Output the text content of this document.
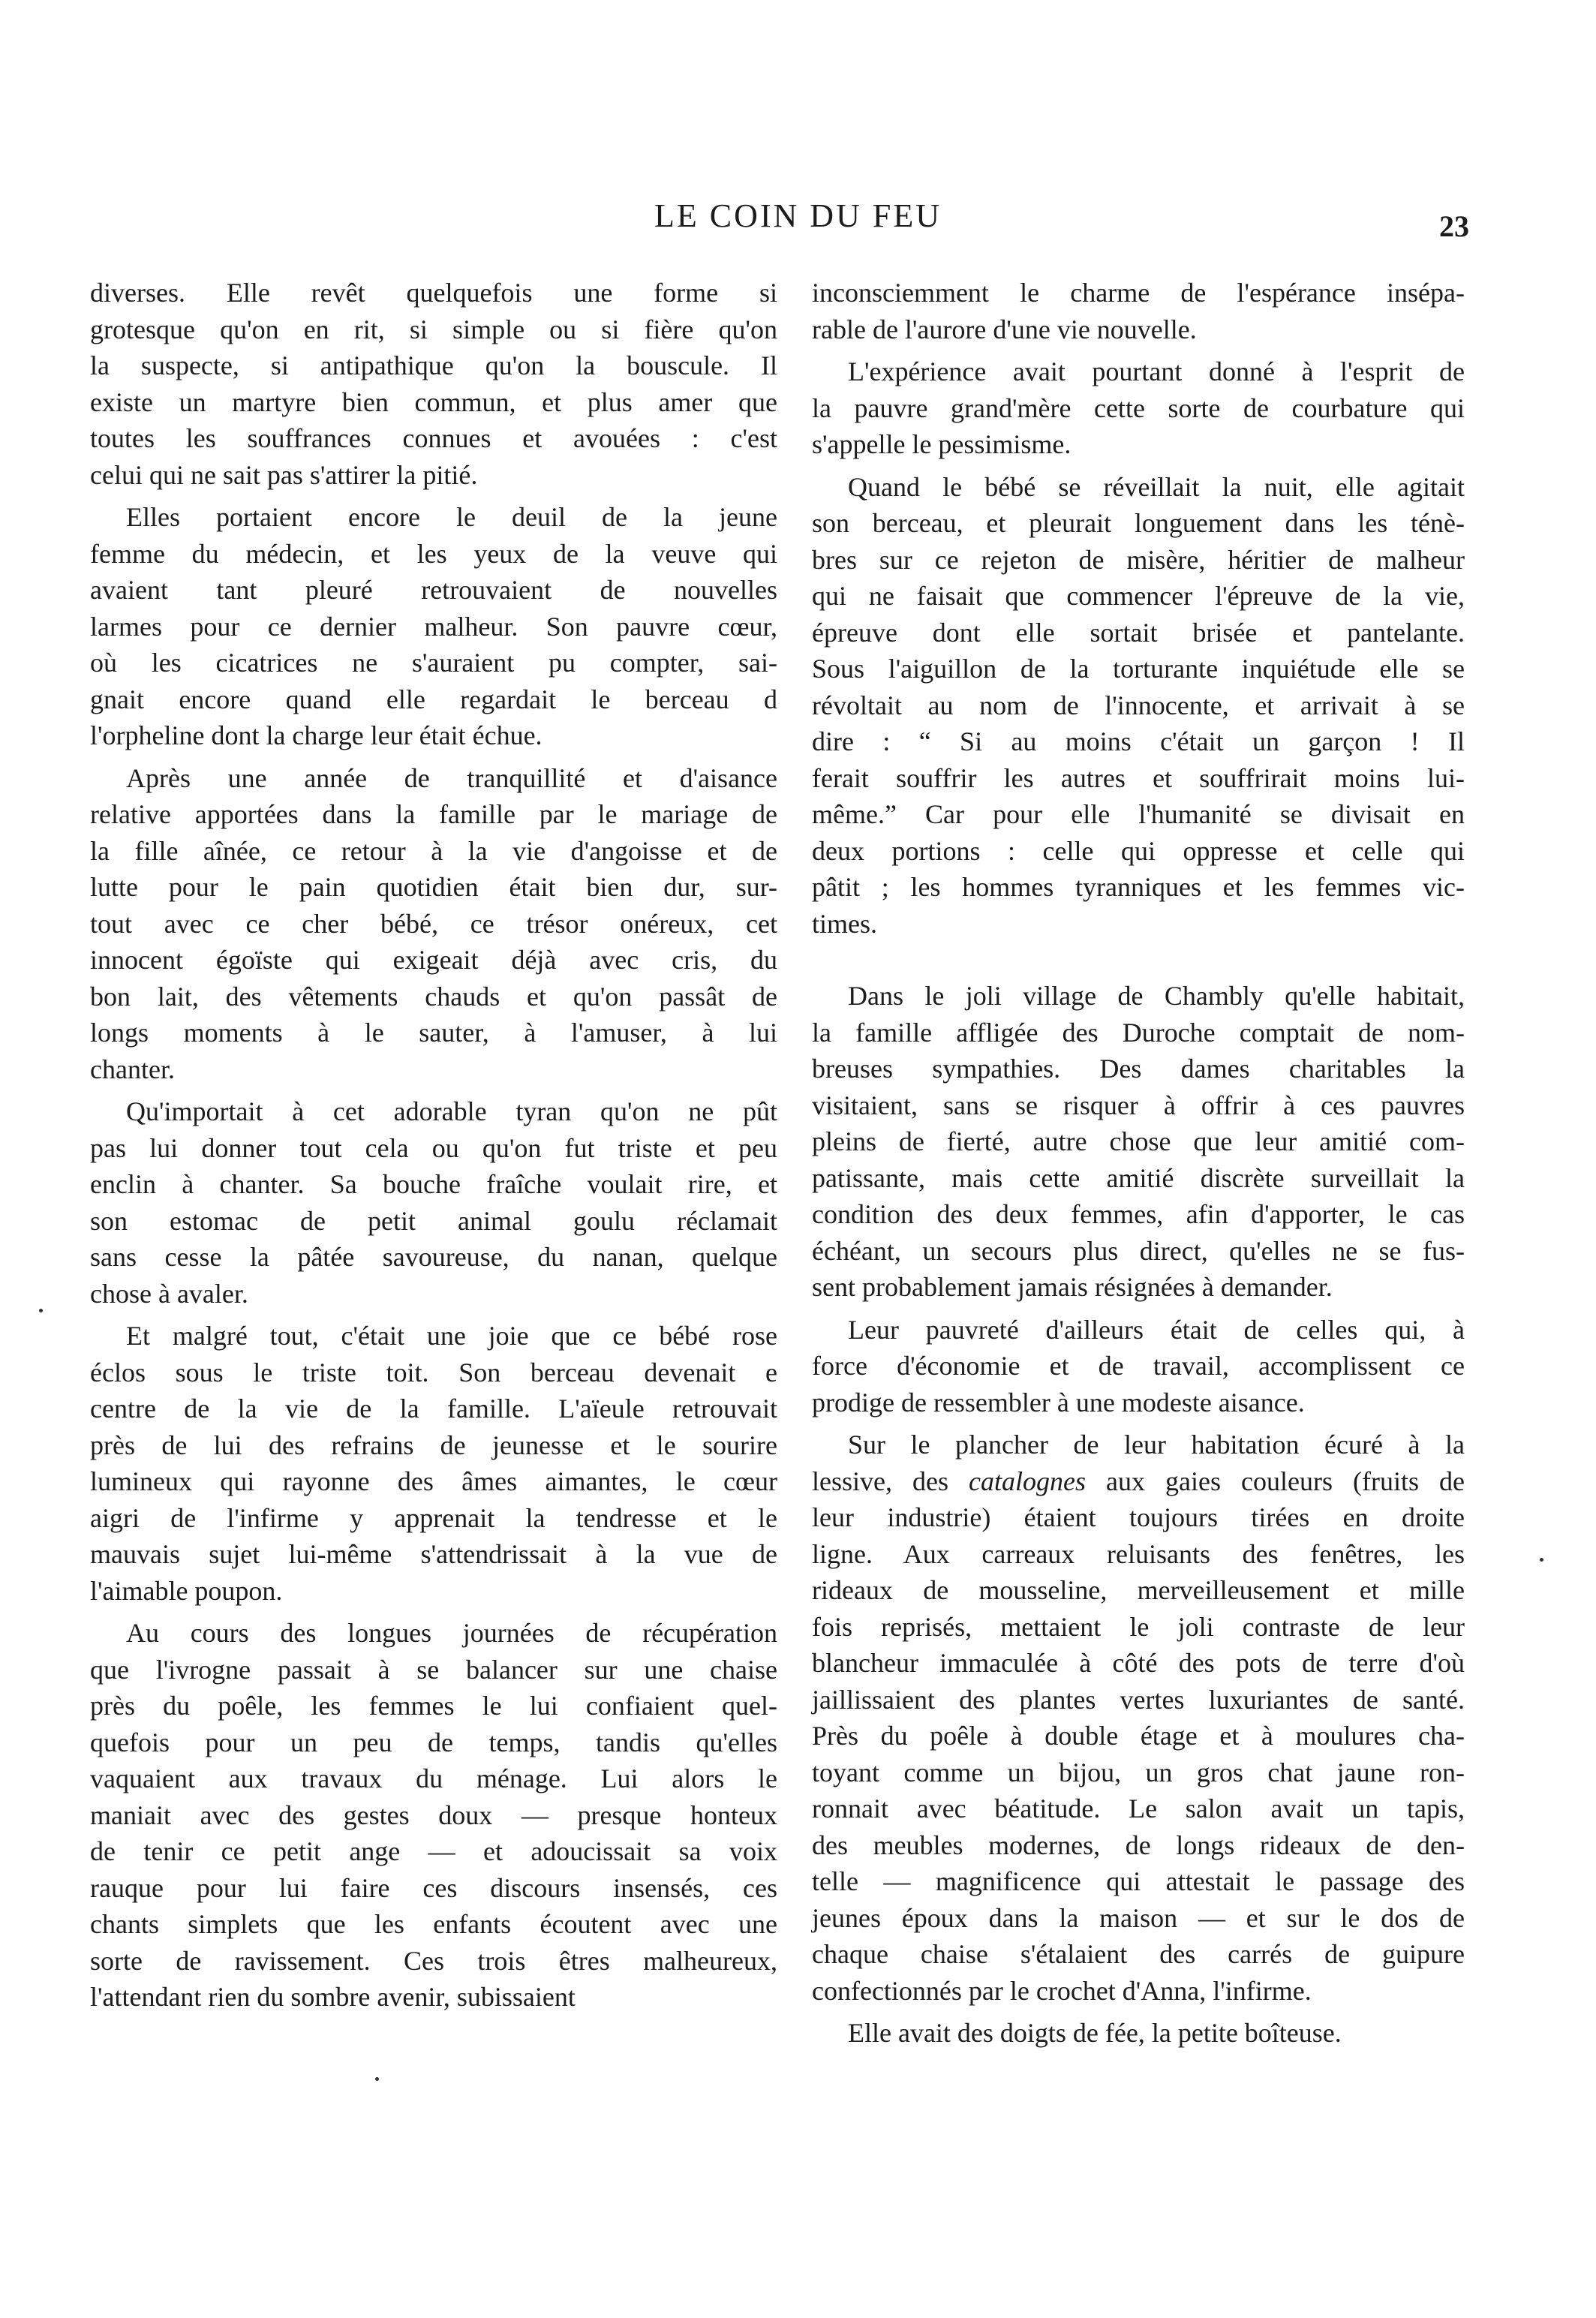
LE COIN DU FEU	23
diverses. Elle revêt quelquefois une forme si
grotesque qu'on en rit, si simple ou si fière qu'on
la suspecte, si antipathique qu'on la bouscule. Il
existe un martyre bien commun, et plus amer que
toutes les souffrances connues et avouées : c'est
celui qui ne sait pas s'attirer la pitié.
Elles portaient encore le deuil de la jeune
femme du médecin, et les yeux de la veuve qui
avaient tant pleuré retrouvaient de nouvelles
larmes pour ce dernier malheur. Son pauvre cœur,
où les cicatrices ne s'auraient pu compter, sai-
gnait encore quand elle regardait le berceau d
l'orpheline dont la charge leur était échue.
Après une année de tranquillité et d'aisance
relative apportées dans la famille par le mariage de
la fille aînée, ce retour à la vie d'angoisse et de
lutte pour le pain quotidien était bien dur, sur-
tout avec ce cher bébé, ce trésor onéreux, cet
innocent égoïste qui exigeait déjà avec cris, du
bon lait, des vêtements chauds et qu'on passât de
longs moments à le sauter, à l'amuser, à lui
chanter.
Qu'importait à cet adorable tyran qu'on ne pût
pas lui donner tout cela ou qu'on fut triste et peu
enclin à chanter. Sa bouche fraîche voulait rire, et
son estomac de petit animal goulu réclamait
sans cesse la pâtée savoureuse, du nanan, quelque
chose à avaler.
Et malgré tout, c'était une joie que ce bébé rose
éclos sous le triste toit. Son berceau devenait e
centre de la vie de la famille. L'aïeule retrouvait
près de lui des refrains de jeunesse et le sourire
lumineux qui rayonne des âmes aimantes, le cœur
aigri de l'infirme y apprenait la tendresse et le
mauvais sujet lui-même s'attendrissait à la vue de
l'aimable poupon.
Au cours des longues journées de récupération
que l'ivrogne passait à se balancer sur une chaise
près du poêle, les femmes le lui confiaient quel-
quefois pour un peu de temps, tandis qu'elles
vaquaient aux travaux du ménage. Lui alors le
maniait avec des gestes doux — presque honteux
de tenir ce petit ange — et adoucissait sa voix
rauque pour lui faire ces discours insensés, ces
chants simplets que les enfants écoutent avec une
sorte de ravissement. Ces trois êtres malheureux,
l'attendant rien du sombre avenir, subissaient
inconsciemment le charme de l'espérance insépa-
rable de l'aurore d'une vie nouvelle.
L'expérience avait pourtant donné à l'esprit de
la pauvre grand'mère cette sorte de courbature qui
s'appelle le pessimisme.
Quand le bébé se réveillait la nuit, elle agitait
son berceau, et pleurait longuement dans les ténè-
bres sur ce rejeton de misère, héritier de malheur
qui ne faisait que commencer l'épreuve de la vie,
épreuve dont elle sortait brisée et pantelante.
Sous l'aiguillon de la torturante inquiétude elle se
révoltait au nom de l'innocente, et arrivait à se
dire : “ Si au moins c'était un garçon ! Il
ferait souffrir les autres et souffrirait moins lui-
même.” Car pour elle l'humanité se divisait en
deux portions : celle qui oppresse et celle qui
pâtit ; les hommes tyranniques et les femmes vic-
times.
Dans le joli village de Chambly qu'elle habitait,
la famille affligée des Duroche comptait de nom-
breuses sympathies. Des dames charitables la
visitaient, sans se risquer à offrir à ces pauvres
pleins de fierté, autre chose que leur amitié com-
patissante, mais cette amitié discrète surveillait la
condition des deux femmes, afin d'apporter, le cas
échéant, un secours plus direct, qu'elles ne se fus-
sent probablement jamais résignées à demander.
Leur pauvreté d'ailleurs était de celles qui, à
force d'économie et de travail, accomplissent ce
prodige de ressembler à une modeste aisance.
Sur le plancher de leur habitation écuré à la
lessive, des catalognes aux gaies couleurs (fruits de
leur industrie) étaient toujours tirées en droite
ligne. Aux carreaux reluisants des fenêtres, les
rideaux de mousseline, merveilleusement et mille
fois reprisés, mettaient le joli contraste de leur
blancheur immaculée à côté des pots de terre d'où
jaillissaient des plantes vertes luxuriantes de santé.
Près du poêle à double étage et à moulures cha-
toyant comme un bijou, un gros chat jaune ron-
ronnait avec béatitude. Le salon avait un tapis,
des meubles modernes, de longs rideaux de den-
telle — magnificence qui attestait le passage des
jeunes époux dans la maison — et sur le dos de
chaque chaise s'étalaient des carrés de guipure
confectionnés par le crochet d'Anna, l'infirme.
Elle avait des doigts de fée, la petite boîteuse.
